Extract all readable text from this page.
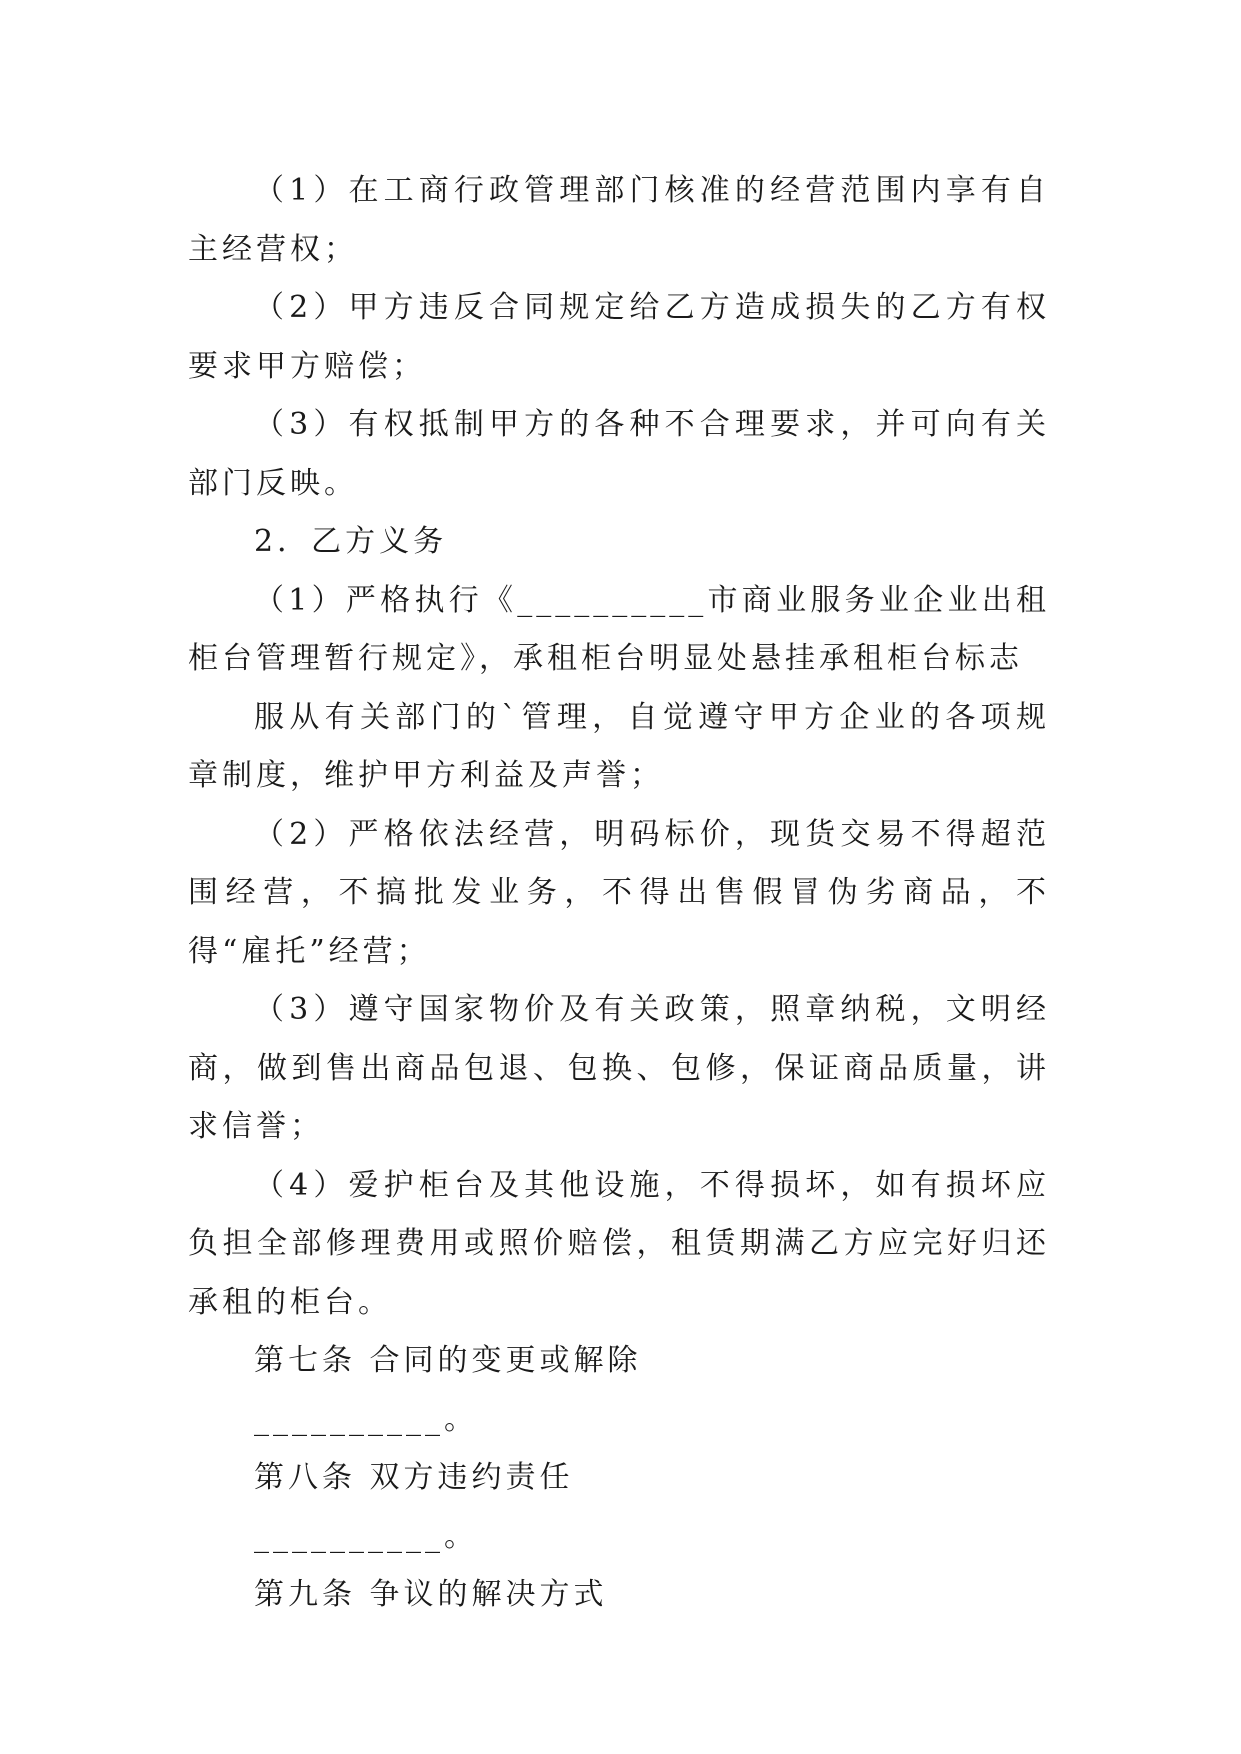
（1）在工商行政管理部门核准的经营范围内享有自主经营权；

（2）甲方违反合同规定给乙方造成损失的乙方有权要求甲方赔偿；

（3）有权抵制甲方的各种不合理要求，并可向有关部门反映。

2．乙方义务

（1）严格执行《__________市商业服务业企业出租柜台管理暂行规定》，承租柜台明显处悬挂承租柜台标志

服从有关部门的`管理，自觉遵守甲方企业的各项规章制度，维护甲方利益及声誉；

（2）严格依法经营，明码标价，现货交易不得超范围经营，不搞批发业务，不得出售假冒伪劣商品，不得“雇托”经营；

（3）遵守国家物价及有关政策，照章纳税，文明经商，做到售出商品包退、包换、包修，保证商品质量，讲求信誉；

（4）爱护柜台及其他设施，不得损坏，如有损坏应负担全部修理费用或照价赔偿，租赁期满乙方应完好归还承租的柜台。

第七条 合同的变更或解除

__________。

第八条 双方违约责任

__________。

第九条 争议的解决方式
